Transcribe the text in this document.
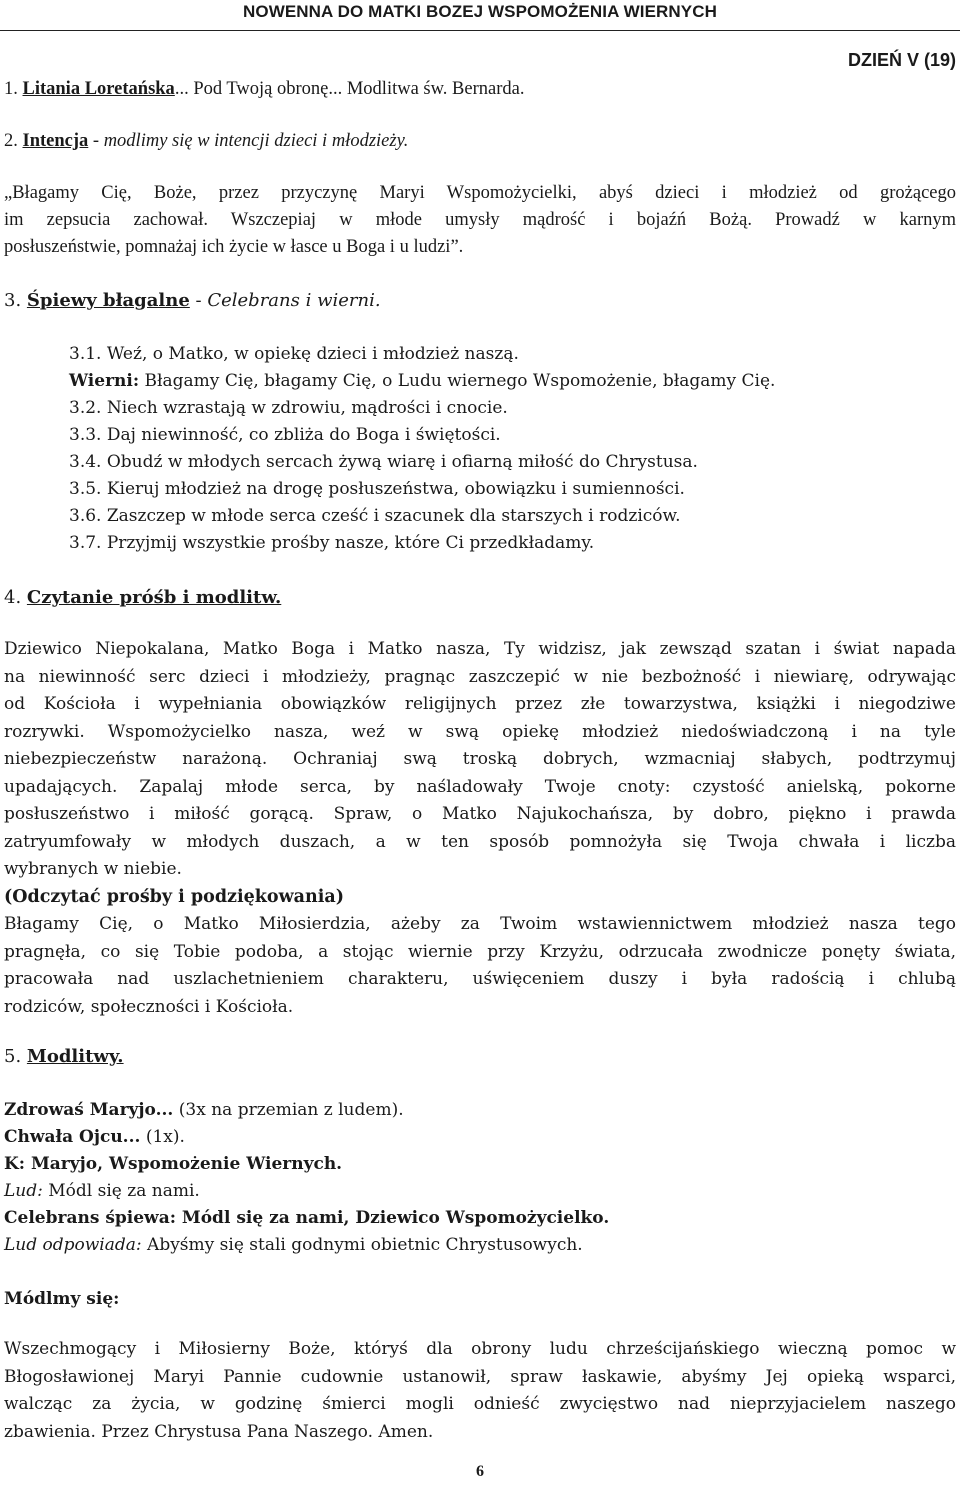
NOWENNA DO MATKI BOZEJ WSPOMOŻENIA WIERNYCH
DZIEŃ V (19)
1. Litania Loretańska... Pod Twoją obronę... Modlitwa św. Bernarda.
2. Intencja - modlimy się w intencji dzieci i młodzieży.
„Błagamy Cię, Boże, przez przyczynę Maryi Wspomożycielki, abyś dzieci i młodzież od grożącego
im zepsucia zachował. Wszczepiaj w młode umysły mądrość i bojaźń Bożą. Prowadź w karnym
posłuszeństwie, pomnażaj ich życie w łasce u Boga i u ludzi”.
3. Śpiewy błagalne - Celebrans i wierni.
3.1. Weź, o Matko, w opiekę dzieci i młodzież naszą.
Wierni: Błagamy Cię, błagamy Cię, o Ludu wiernego Wspomożenie, błagamy Cię.
3.2. Niech wzrastają w zdrowiu, mądrości i cnocie.
3.3. Daj niewinność, co zbliża do Boga i świętości.
3.4. Obudź w młodych sercach żywą wiarę i ofiarną miłość do Chrystusa.
3.5. Kieruj młodzież na drogę posłuszeństwa, obowiązku i sumienności.
3.6. Zaszczep w młode serca cześć i szacunek dla starszych i rodziców.
3.7. Przyjmij wszystkie prośby nasze, które Ci przedkładamy.
4. Czytanie próśb i modlitw.
Dziewico Niepokalana, Matko Boga i Matko nasza, Ty widzisz, jak zewsząd szatan i świat napada
na niewinność serc dzieci i młodzieży, pragnąc zaszczepić w nie bezbożność i niewiarę, odrywając
od Kościoła i wypełniania obowiązków religijnych przez złe towarzystwa, książki i niegodziwe
rozrywki. Wspomożycielko nasza, weź w swą opiekę młodzież niedoświadczoną i na tyle
niebezpieczeństw narażoną. Ochraniaj swą troską dobrych, wzmacniaj słabych, podtrzymuj
upadających. Zapalaj młode serca, by naśladowały Twoje cnoty: czystość anielską, pokorne
posłuszeństwo i miłość gorącą. Spraw, o Matko Najukochańsza, by dobro, piękno i prawda
zatryumfowały w młodych duszach, a w ten sposób pomnożyła się Twoja chwała i liczba
wybranych w niebie.
(Odczytać prośby i podziękowania)
Błagamy Cię, o Matko Miłosierdzia, ażeby za Twoim wstawiennictwem młodzież nasza tego
pragnęła, co się Tobie podoba, a stojąc wiernie przy Krzyżu, odrzucała zwodnicze ponęty świata,
pracowała nad uszlachetnieniem charakteru, uświęceniem duszy i była radością i chlubą
rodziców, społeczności i Kościoła.
5. Modlitwy.
Zdrowaś Maryjo... (3x na przemian z ludem).
Chwała Ojcu... (1x).
K: Maryjo, Wspomożenie Wiernych.
Lud: Módl się za nami.
Celebrans śpiewa: Módl się za nami, Dziewico Wspomożycielko.
Lud odpowiada: Abyśmy się stali godnymi obietnic Chrystusowych.
Módlmy się:
Wszechmogący i Miłosierny Boże, któryś dla obrony ludu chrześcijańskiego wieczną pomoc w
Błogosławionej Maryi Pannie cudownie ustanowił, spraw łaskawie, abyśmy Jej opieką wsparci,
walcząc za życia, w godzinę śmierci mogli odnieść zwycięstwo nad nieprzyjacielem naszego
zbawienia. Przez Chrystusa Pana Naszego. Amen.
6
